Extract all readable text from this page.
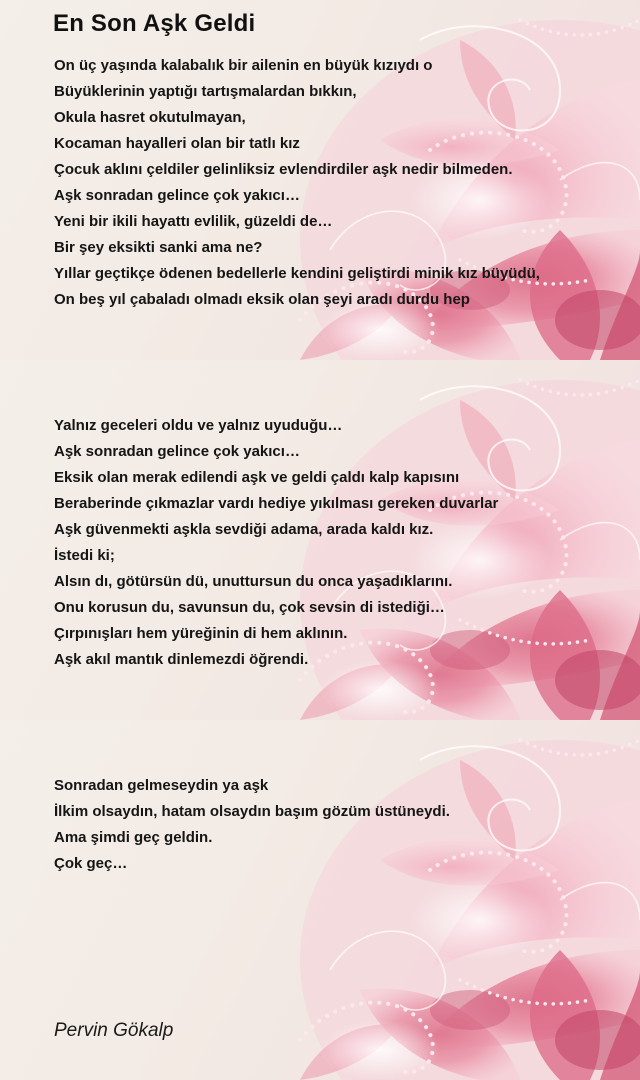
En Son Aşk Geldi
On üç yaşında kalabalık bir ailenin en büyük kızıydı o
Büyüklerinin yaptığı tartışmalardan bıkkın,
Okula hasret okutulmayan,
Kocaman hayalleri olan bir tatlı kız
Çocuk aklını çeldiler gelinliksiz evlendirdiler aşk nedir bilmeden.
Aşk sonradan gelince çok yakıcı…
Yeni bir ikili hayattı evlilik, güzeldi de…
Bir şey eksikti sanki ama ne?
Yıllar geçtikçe ödenen bedellerle kendini geliştirdi minik kız büyüdü,
On beş yıl çabaladı olmadı eksik olan şeyi aradı durdu hep
Yalnız geceleri oldu ve yalnız uyuduğu…
Aşk sonradan gelince çok yakıcı…
Eksik olan merak edilendi aşk ve geldi çaldı kalp kapısını
Beraberinde çıkmazlar vardı hediye yıkılması gereken duvarlar
Aşk güvenmekti aşkla sevdiği adama, arada kaldı kız.
İstedi ki;
Alsın dı, götürsün dü, unuttursun du onca yaşadıklarını.
Onu korusun du, savunsun du, çok sevsin di istediği…
Çırpınışları hem yüreğinin di hem aklının.
Aşk akıl mantık dinlemezdi öğrendi.
Sonradan gelmeseydin ya aşk
İlkim olsaydın, hatam olsaydın başım gözüm üstüneydi.
Ama şimdi geç geldin.
Çok geç…
Pervin Gökalp
